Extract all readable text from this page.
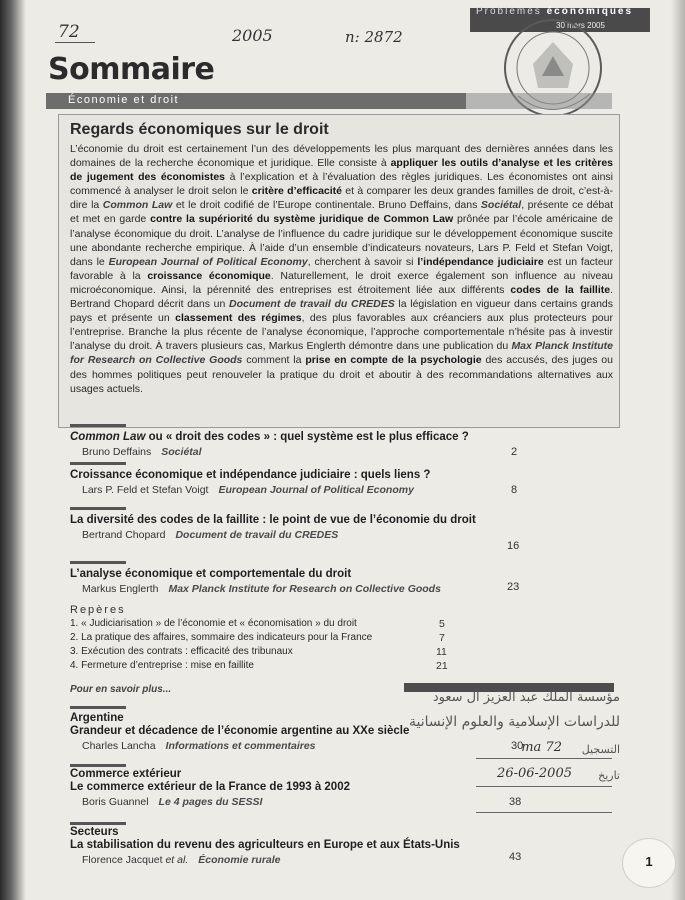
72	2005	n: 2872
Problèmes économiques
30 mars 2005
Sommaire
Économie et droit
Regards économiques sur le droit
L’économie du droit est certainement l’un des développements les plus marquant des dernières années dans les domaines de la recherche économique et juridique. Elle consiste à appliquer les outils d’analyse et les critères de jugement des économistes à l’explication et à l’évaluation des règles juridiques. Les économistes ont ainsi commencé à analyser le droit selon le critère d’efficacité et à comparer les deux grandes familles de droit, c’est-à-dire la Common Law et le droit codifié de l’Europe continentale. Bruno Deffains, dans Sociétal, présente ce débat et met en garde contre la supériorité du système juridique de Common Law prônée par l’école américaine de l’analyse économique du droit. L’analyse de l’influence du cadre juridique sur le développement économique suscite une abondante recherche empirique. À l’aide d’un ensemble d’indicateurs novateurs, Lars P. Feld et Stefan Voigt, dans le European Journal of Political Economy, cherchent à savoir si l’indépendance judiciaire est un facteur favorable à la croissance économique. Naturellement, le droit exerce également son influence au niveau microéconomique. Ainsi, la pérennité des entreprises est étroitement liée aux différents codes de la faillite. Bertrand Chopard décrit dans un Document de travail du CREDES la législation en vigueur dans certains grands pays et présente un classement des régimes, des plus favorables aux créanciers aux plus protecteurs pour l’entreprise. Branche la plus récente de l’analyse économique, l’approche comportementale n’hésite pas à investir l’analyse du droit. À travers plusieurs cas, Markus Englerth démontre dans une publication du Max Planck Institute for Research on Collective Goods comment la prise en compte de la psychologie des accusés, des juges ou des hommes politiques peut renouveler la pratique du droit et aboutir à des recommandations alternatives aux usages actuels.
Common Law ou « droit des codes » : quel système est le plus efficace ?
Bruno Deffains Sociétal	2
Croissance économique et indépendance judiciaire : quels liens ?
Lars P. Feld et Stefan Voigt European Journal of Political Economy	8
La diversité des codes de la faillite : le point de vue de l’économie du droit
Bertrand Chopard Document de travail du CREDES
16
L’analyse économique et comportementale du droit
Markus Englerth Max Planck Institute for Research on Collective Goods	23
Repères
1. « Judiciarisation » de l’économie et « économisation » du droit	5
2. La pratique des affaires, sommaire des indicateurs pour la France	7
3. Exécution des contrats : efficacité des tribunaux	11
4. Fermeture d’entreprise : mise en faillite	21
Pour en savoir plus...
Argentine
Grandeur et décadence de l’économie argentine au XXe siècle
Charles Lancha Informations et commentaires	30
Commerce extérieur
Le commerce extérieur de la France de 1993 à 2002
Boris Guannel Le 4 pages du SESSI	38
Secteurs
La stabilisation du revenu des agriculteurs en Europe et aux États-Unis
Florence Jacquet et al. Économie rurale	43
مؤسسة الملك عبد العزيز آل سعود
للدراسات الإسلامية والعلوم الإنسانية
التسجيل
ma 72
تاريخ
26-06-2005
1
